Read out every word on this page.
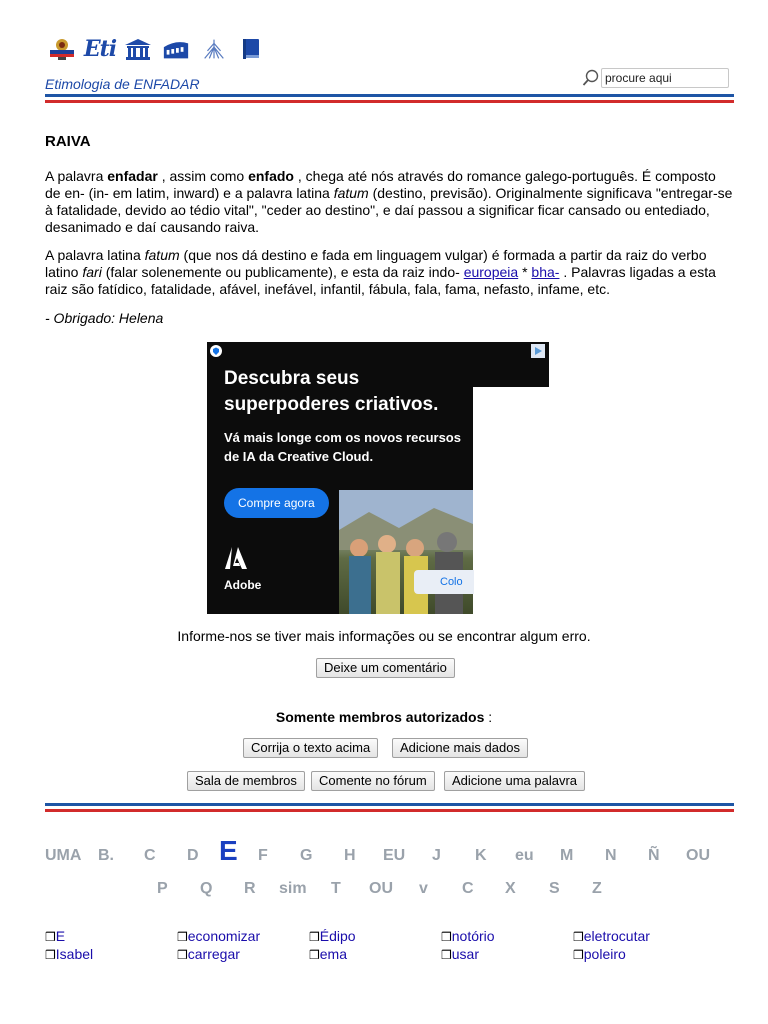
Eti
Etimologia de ENFADAR
procure aqui
RAIVA
A palavra enfadar , assim como enfado , chega até nós através do romance galego-português. É composto de en- (in- em latim, inward) e a palavra latina fatum (destino, previsão). Originalmente significava "entregar-se à fatalidade, devido ao tédio vital", "ceder ao destino", e daí passou a significar ficar cansado ou entediado, desanimado e daí causando raiva.
A palavra latina fatum (que nos dá destino e fada em linguagem vulgar) é formada a partir da raiz do verbo latino fari (falar solenemente ou publicamente), e esta da raiz indo- europeia * bha- . Palavras ligadas a esta raiz são fatídico, fatalidade, afável, inefável, infantil, fábula, fala, fama, nefasto, infame, etc.
- Obrigado: Helena
Descubra seus superpoderes criativos.
Vá mais longe com os novos recursos de IA da Creative Cloud.
Compre agora
Adobe	Colo
Informe-nos se tiver mais informações ou se encontrar algum erro.
Deixe um comentário
Somente membros autorizados :
Corrija o texto acima	Adicione mais dados
Sala de membros	Comente no fórum	Adicione uma palavra
UMA B. C D E F G H EU J K eu M N Ñ OU
P Q R sim T OU v C X S Z
❒E
❒Isabel
❒economizar
❒carregar
❒Édipo
❒ema
❒notório
❒usar
❒eletrocutar
❒poleiro
